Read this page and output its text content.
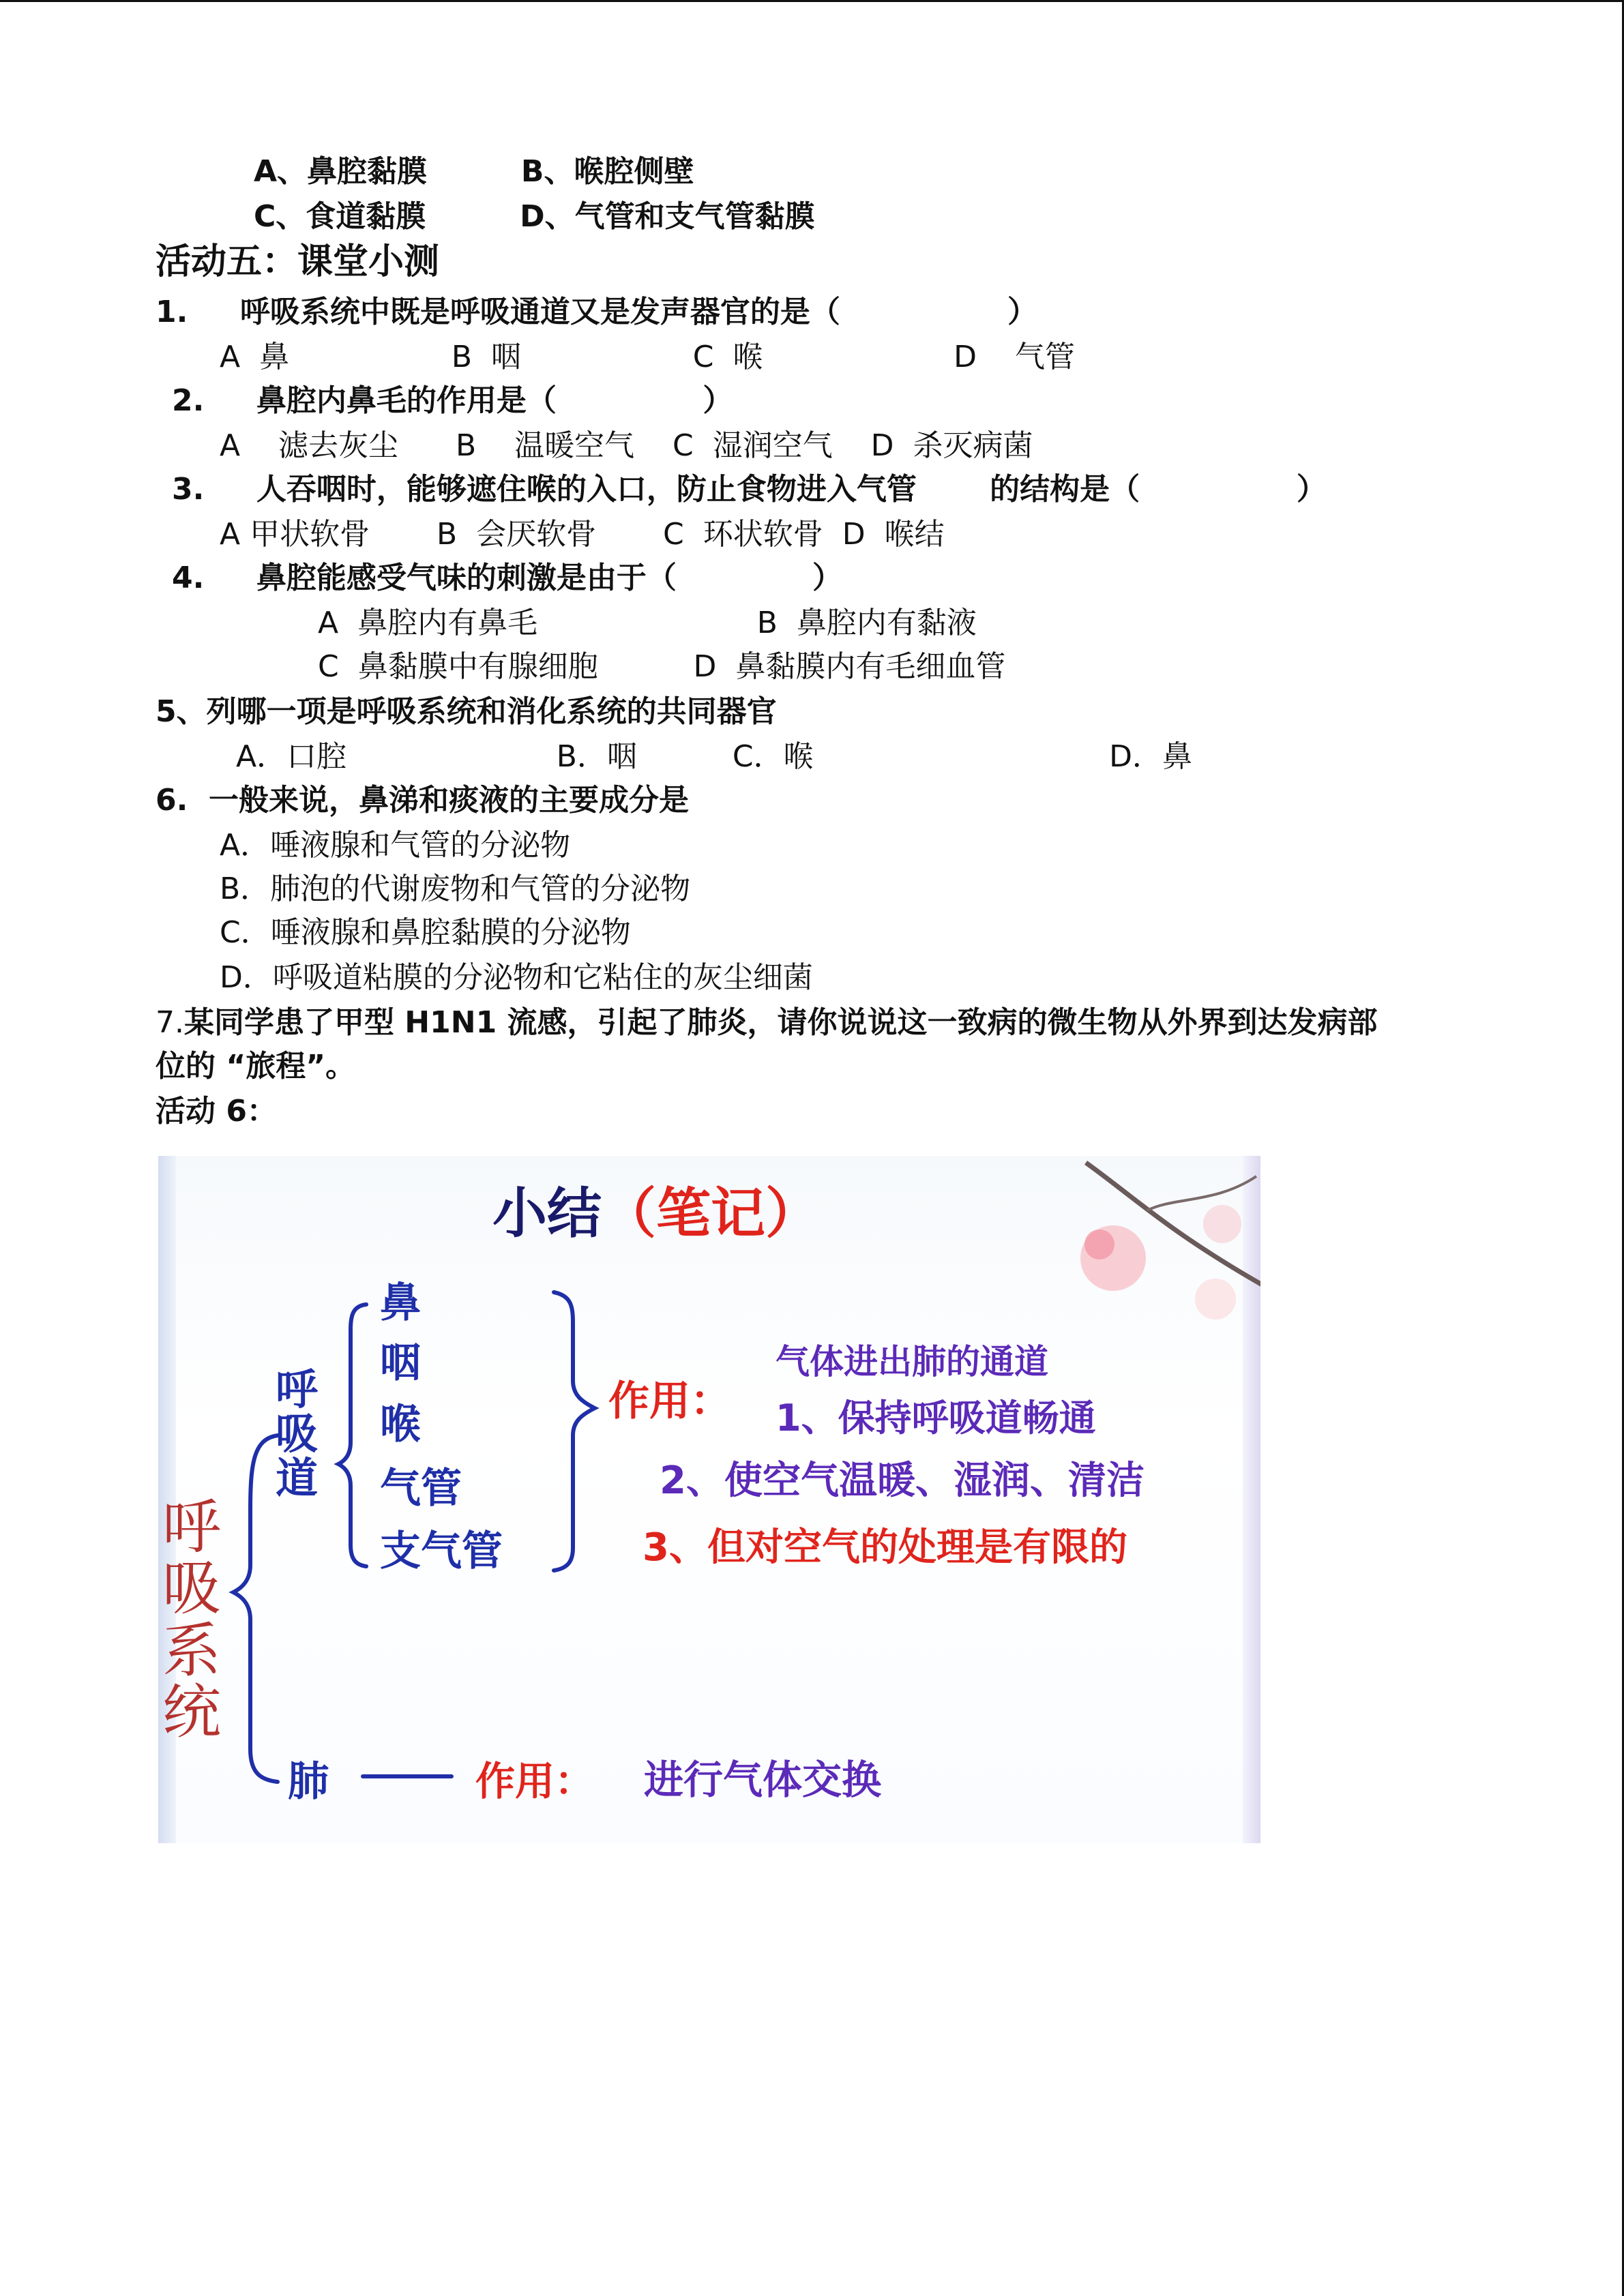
A、鼻腔黏膜         B、喉腔侧壁
C、食道黏膜         D、气管和支气管黏膜
活动五：课堂小测
1.     呼吸系统中既是呼吸通道又是发声器官的是（                ）
A  鼻                 B  咽                  C  喉                    D    气管
2.     鼻腔内鼻毛的作用是（              ）
A    滤去灰尘      B    温暖空气    C  湿润空气    D  杀灭病菌
3.     人吞咽时，能够遮住喉的入口，防止食物进入气管       的结构是（               ）
A 甲状软骨       B  会厌软骨       C  环状软骨  D  喉结
4.     鼻腔能感受气味的刺激是由于（             ）
A  鼻腔内有鼻毛                       B  鼻腔内有黏液
C  鼻黏膜中有腺细胞          D  鼻黏膜内有毛细血管
5、列哪一项是呼吸系统和消化系统的共同器官
A．口腔                      B．咽          C．喉                               D．鼻
6.  一般来说，鼻涕和痰液的主要成分是
A．唾液腺和气管的分泌物
B．肺泡的代谢废物和气管的分泌物
C．唾液腺和鼻腔黏膜的分泌物
D．呼吸道粘膜的分泌物和它粘住的灰尘细菌
7.某同学患了甲型 H1N1 流感，引起了肺炎，请你说说这一致病的微生物从外界到达发病部
位的 “旅程”。
活动 6：
小结（笔记）
呼
吸
系
统
呼
吸
道
鼻
咽
喉
气管
支气管
作用：
气体进出肺的通道
1、保持呼吸道畅通
2、使空气温暖、湿润、清洁
3、但对空气的处理是有限的
肺	作用： 进行气体交换
